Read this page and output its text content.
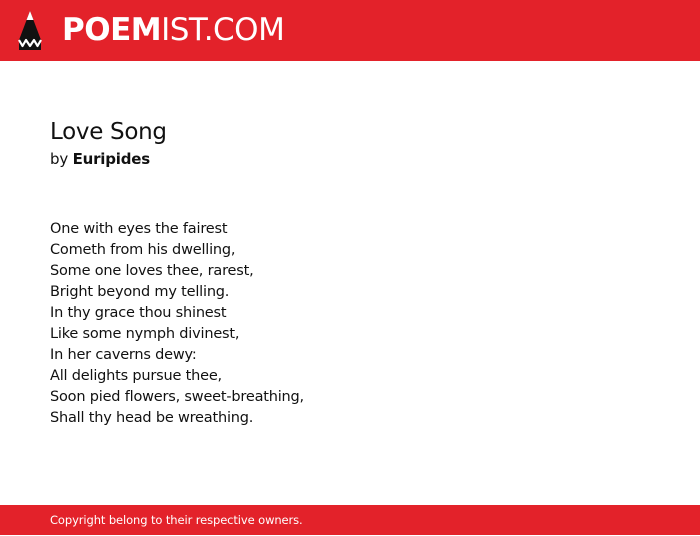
POEMIST.COM
Love Song
by Euripides
One with eyes the fairest
Cometh from his dwelling,
Some one loves thee, rarest,
Bright beyond my telling.
In thy grace thou shinest
Like some nymph divinest,
In her caverns dewy:
All delights pursue thee,
Soon pied flowers, sweet-breathing,
Shall thy head be wreathing.
Copyright belong to their respective owners.
